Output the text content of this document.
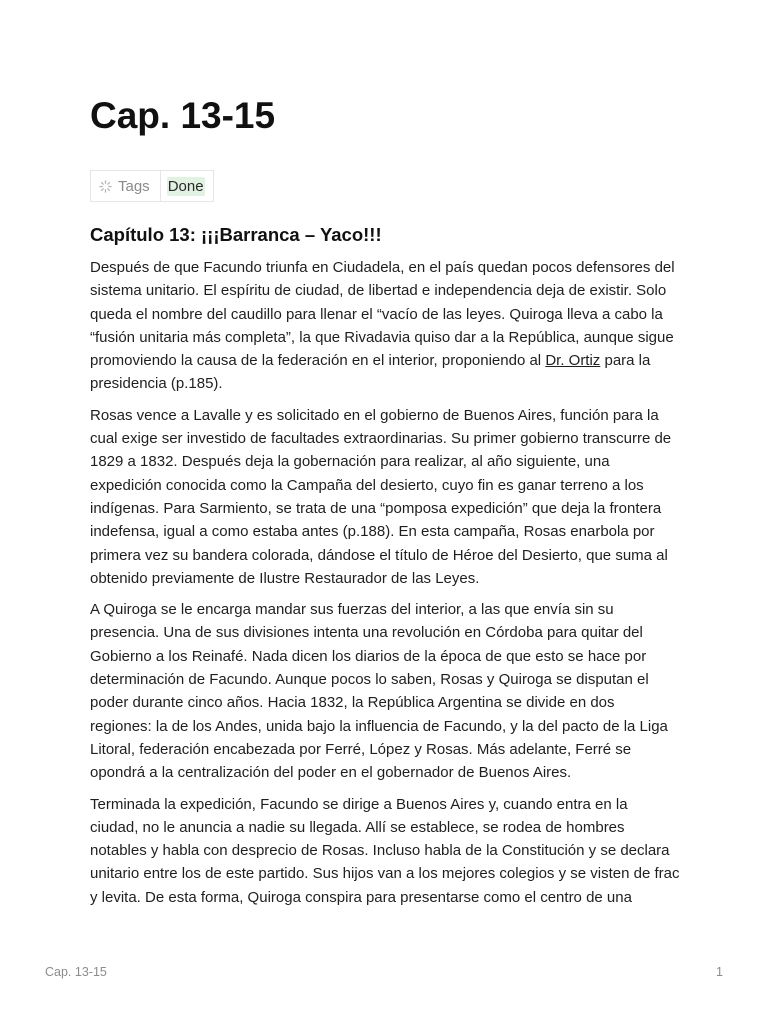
Cap. 13-15
Tags Done
Capítulo 13: ¡¡¡Barranca – Yaco!!!

Después de que Facundo triunfa en Ciudadela, en el país quedan pocos defensores del sistema unitario. El espíritu de ciudad, de libertad e independencia deja de existir. Solo queda el nombre del caudillo para llenar el “vacío de las leyes. Quiroga lleva a cabo la “fusión unitaria más completa”, la que Rivadavia quiso dar a la República, aunque sigue promoviendo la causa de la federación en el interior, proponiendo al Dr. Ortiz para la presidencia (p.185).

Rosas vence a Lavalle y es solicitado en el gobierno de Buenos Aires, función para la cual exige ser investido de facultades extraordinarias. Su primer gobierno transcurre de 1829 a 1832. Después deja la gobernación para realizar, al año siguiente, una expedición conocida como la Campaña del desierto, cuyo fin es ganar terreno a los indígenas. Para Sarmiento, se trata de una “pomposa expedición” que deja la frontera indefensa, igual a como estaba antes (p.188). En esta campaña, Rosas enarbola por primera vez su bandera colorada, dándose el título de Héroe del Desierto, que suma al obtenido previamente de Ilustre Restaurador de las Leyes.

A Quiroga se le encarga mandar sus fuerzas del interior, a las que envía sin su presencia. Una de sus divisiones intenta una revolución en Córdoba para quitar del Gobierno a los Reinafé. Nada dicen los diarios de la época de que esto se hace por determinación de Facundo. Aunque pocos lo saben, Rosas y Quiroga se disputan el poder durante cinco años. Hacia 1832, la República Argentina se divide en dos regiones: la de los Andes, unida bajo la influencia de Facundo, y la del pacto de la Liga Litoral, federación encabezada por Ferré, López y Rosas. Más adelante, Ferré se opondrá a la centralización del poder en el gobernador de Buenos Aires.

Terminada la expedición, Facundo se dirige a Buenos Aires y, cuando entra en la ciudad, no le anuncia a nadie su llegada. Allí se establece, se rodea de hombres notables y habla con desprecio de Rosas. Incluso habla de la Constitución y se declara unitario entre los de este partido. Sus hijos van a los mejores colegios y se visten de frac y levita. De esta forma, Quiroga conspira para presentarse como el centro de una

Cap. 13-15	1
